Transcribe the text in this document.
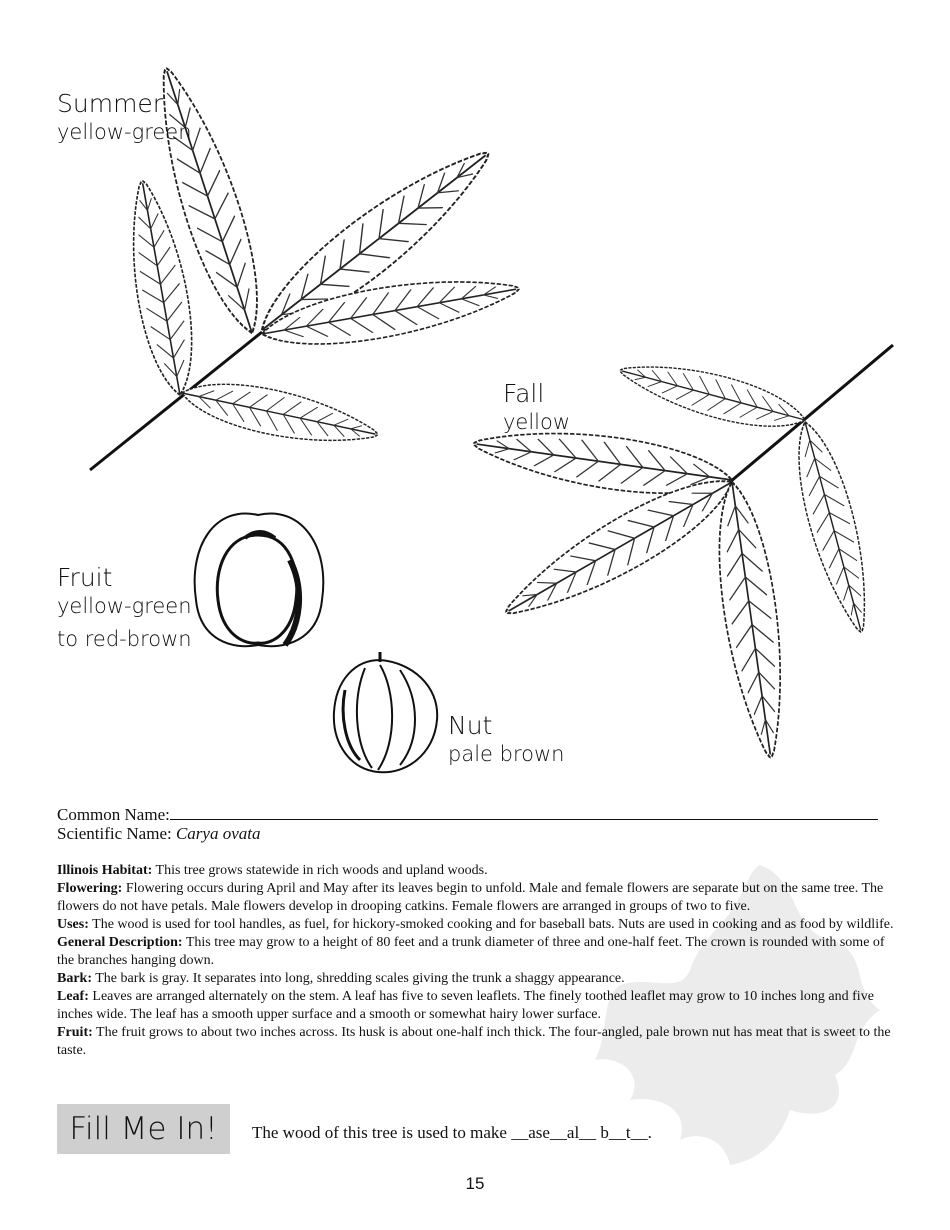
Summer
yellow-green
Fall
yellow
Fruit
yellow-green
to red-brown
Nut
pale brown
Common Name:
Scientific Name: Carya ovata

Illinois Habitat: This tree grows statewide in rich woods and upland woods.

Flowering: Flowering occurs during April and May after its leaves begin to unfold. Male and female flowers are separate but on the same tree. The flowers do not have petals. Male flowers develop in drooping catkins. Female flowers are arranged in groups of two to five.

Uses: The wood is used for tool handles, as fuel, for hickory-smoked cooking and for baseball bats. Nuts are used in cooking and as food by wildlife.

General Description: This tree may grow to a height of 80 feet and a trunk diameter of three and one-half feet. The crown is rounded with some of the branches hanging down.

Bark: The bark is gray. It separates into long, shredding scales giving the trunk a shaggy appearance.

Leaf: Leaves are arranged alternately on the stem. A leaf has five to seven leaflets. The finely toothed leaflet may grow to 10 inches long and five inches wide. The leaf has a smooth upper surface and a smooth or somewhat hairy lower surface.

Fruit: The fruit grows to about two inches across. Its husk is about one-half inch thick. The four-angled, pale brown nut has meat that is sweet to the taste.

Fill Me In!	The wood of this tree is used to make __ase__al__ b__t__.
15
